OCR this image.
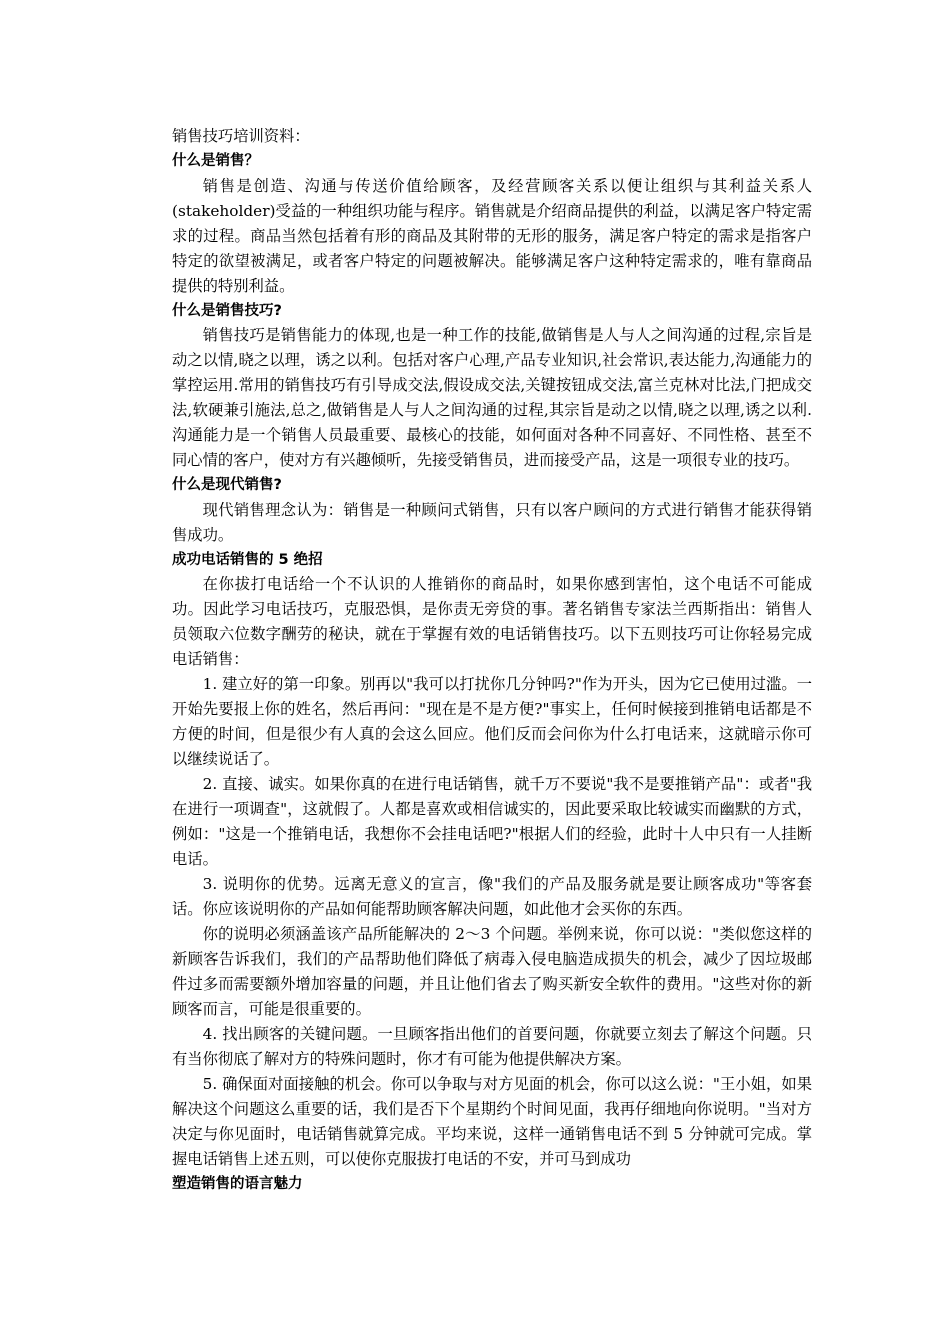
销售技巧培训资料：

什么是销售？

销售是创造、沟通与传送价值给顾客，及经营顾客关系以便让组织与其利益关系人(stakeholder)受益的一种组织功能与程序。销售就是介绍商品提供的利益，以满足客户特定需求的过程。商品当然包括着有形的商品及其附带的无形的服务，满足客户特定的需求是指客户特定的欲望被满足，或者客户特定的问题被解决。能够满足客户这种特定需求的，唯有靠商品提供的特别利益。

什么是销售技巧?

销售技巧是销售能力的体现,也是一种工作的技能,做销售是人与人之间沟通的过程,宗旨是动之以情,晓之以理，诱之以利。包括对客户心理,产品专业知识,社会常识,表达能力,沟通能力的掌控运用.常用的销售技巧有引导成交法,假设成交法,关键按钮成交法,富兰克林对比法,门把成交法,软硬兼引施法,总之,做销售是人与人之间沟通的过程,其宗旨是动之以情,晓之以理,诱之以利.沟通能力是一个销售人员最重要、最核心的技能，如何面对各种不同喜好、不同性格、甚至不同心情的客户，使对方有兴趣倾听，先接受销售员，进而接受产品，这是一项很专业的技巧。

什么是现代销售?

现代销售理念认为：销售是一种顾问式销售，只有以客户顾问的方式进行销售才能获得销售成功。

成功电话销售的 5 绝招

在你拔打电话给一个不认识的人推销你的商品时，如果你感到害怕，这个电话不可能成功。因此学习电话技巧，克服恐惧，是你责无旁贷的事。著名销售专家法兰西斯指出：销售人员领取六位数字酬劳的秘诀，就在于掌握有效的电话销售技巧。以下五则技巧可让你轻易完成电话销售：

1. 建立好的第一印象。别再以"我可以打扰你几分钟吗?"作为开头，因为它已使用过滥。一开始先要报上你的姓名，然后再问："现在是不是方便?"事实上，任何时候接到推销电话都是不方便的时间，但是很少有人真的会这么回应。他们反而会问你为什么打电话来，这就暗示你可以继续说话了。

2. 直接、诚实。如果你真的在进行电话销售，就千万不要说"我不是要推销产品"：或者"我在进行一项调查"，这就假了。人都是喜欢或相信诚实的，因此要采取比较诚实而幽默的方式，例如："这是一个推销电话，我想你不会挂电话吧?"根据人们的经验，此时十人中只有一人挂断电话。

3. 说明你的优势。远离无意义的宣言，像"我们的产品及服务就是要让顾客成功"等客套话。你应该说明你的产品如何能帮助顾客解决问题，如此他才会买你的东西。

你的说明必须涵盖该产品所能解决的 2～3 个问题。举例来说，你可以说："类似您这样的新顾客告诉我们，我们的产品帮助他们降低了病毒入侵电脑造成损失的机会，减少了因垃圾邮件过多而需要额外增加容量的问题，并且让他们省去了购买新安全软件的费用。"这些对你的新顾客而言，可能是很重要的。

4. 找出顾客的关键问题。一旦顾客指出他们的首要问题，你就要立刻去了解这个问题。只有当你彻底了解对方的特殊问题时，你才有可能为他提供解决方案。

5. 确保面对面接触的机会。你可以争取与对方见面的机会，你可以这么说："王小姐，如果解决这个问题这么重要的话，我们是否下个星期约个时间见面，我再仔细地向你说明。"当对方决定与你见面时，电话销售就算完成。平均来说，这样一通销售电话不到 5 分钟就可完成。掌握电话销售上述五则，可以使你克服拔打电话的不安，并可马到成功

塑造销售的语言魅力
